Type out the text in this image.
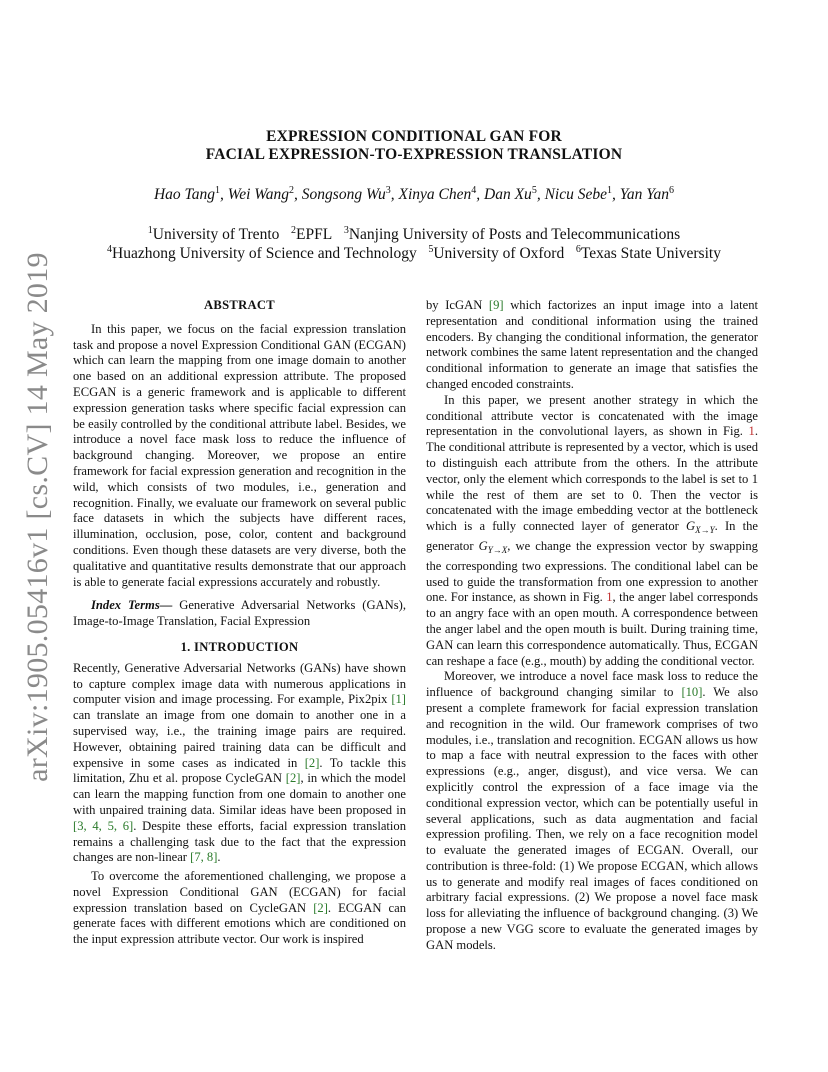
arXiv:1905.05416v1 [cs.CV] 14 May 2019
EXPRESSION CONDITIONAL GAN FOR
FACIAL EXPRESSION-TO-EXPRESSION TRANSLATION
Hao Tang$^1$, Wei Wang$^2$, Songsong Wu$^3$, Xinya Chen$^4$, Dan Xu$^5$, Nicu Sebe$^1$, Yan Yan$^6$
$^1$University of Trento $^2$EPFL $^3$Nanjing University of Posts and Telecommunications
$^4$Huazhong University of Science and Technology $^5$University of Oxford $^6$Texas State University
ABSTRACT

In this paper, we focus on the facial expression translation task and propose a novel Expression Conditional GAN (ECGAN) which can learn the mapping from one image domain to another one based on an additional expression attribute. The proposed ECGAN is a generic framework and is applicable to different expression generation tasks where specific facial expression can be easily controlled by the conditional attribute label. Besides, we introduce a novel face mask loss to reduce the influence of background changing. Moreover, we propose an entire framework for facial expression generation and recognition in the wild, which consists of two modules, i.e., generation and recognition. Finally, we evaluate our framework on several public face datasets in which the subjects have different races, illumination, occlusion, pose, color, content and background conditions. Even though these datasets are very diverse, both the qualitative and quantitative results demonstrate that our approach is able to generate facial expressions accurately and robustly.

Index Terms— Generative Adversarial Networks (GANs), Image-to-Image Translation, Facial Expression

1. INTRODUCTION

Recently, Generative Adversarial Networks (GANs) have shown to capture complex image data with numerous applications in computer vision and image processing. For example, Pix2pix [1] can translate an image from one domain to another one in a supervised way, i.e., the training image pairs are required. However, obtaining paired training data can be difficult and expensive in some cases as indicated in [2]. To tackle this limitation, Zhu et al. propose CycleGAN [2], in which the model can learn the mapping function from one domain to another one with unpaired training data. Similar ideas have been proposed in [3, 4, 5, 6]. Despite these efforts, facial expression translation remains a challenging task due to the fact that the expression changes are non-linear [7, 8].

To overcome the aforementioned challenging, we propose a novel Expression Conditional GAN (ECGAN) for facial expression translation based on CycleGAN [2]. ECGAN can generate faces with different emotions which are conditioned on the input expression attribute vector. Our work is inspired

by IcGAN [9] which factorizes an input image into a latent representation and conditional information using the trained encoders. By changing the conditional information, the generator network combines the same latent representation and the changed conditional information to generate an image that satisfies the changed encoded constraints.

In this paper, we present another strategy in which the conditional attribute vector is concatenated with the image representation in the convolutional layers, as shown in Fig. 1. The conditional attribute is represented by a vector, which is used to distinguish each attribute from the others. In the attribute vector, only the element which corresponds to the label is set to 1 while the rest of them are set to 0. Then the vector is concatenated with the image embedding vector at the bottleneck which is a fully connected layer of generator $G_{X\to Y}$. In the generator $G_{Y\to X}$, we change the expression vector by swapping the corresponding two expressions. The conditional label can be used to guide the transformation from one expression to another one. For instance, as shown in Fig. 1, the anger label corresponds to an angry face with an open mouth. A correspondence between the anger label and the open mouth is built. During training time, GAN can learn this correspondence automatically. Thus, ECGAN can reshape a face (e.g., mouth) by adding the conditional vector.

Moreover, we introduce a novel face mask loss to reduce the influence of background changing similar to [10]. We also present a complete framework for facial expression translation and recognition in the wild. Our framework comprises of two modules, i.e., translation and recognition. ECGAN allows us how to map a face with neutral expression to the faces with other expressions (e.g., anger, disgust), and vice versa. We can explicitly control the expression of a face image via the conditional expression vector, which can be potentially useful in several applications, such as data augmentation and facial expression profiling. Then, we rely on a face recognition model to evaluate the generated images of ECGAN. Overall, our contribution is three-fold: (1) We propose ECGAN, which allows us to generate and modify real images of faces conditioned on arbitrary facial expressions. (2) We propose a novel face mask loss for alleviating the influence of background changing. (3) We propose a new VGG score to evaluate the generated images by GAN models.
